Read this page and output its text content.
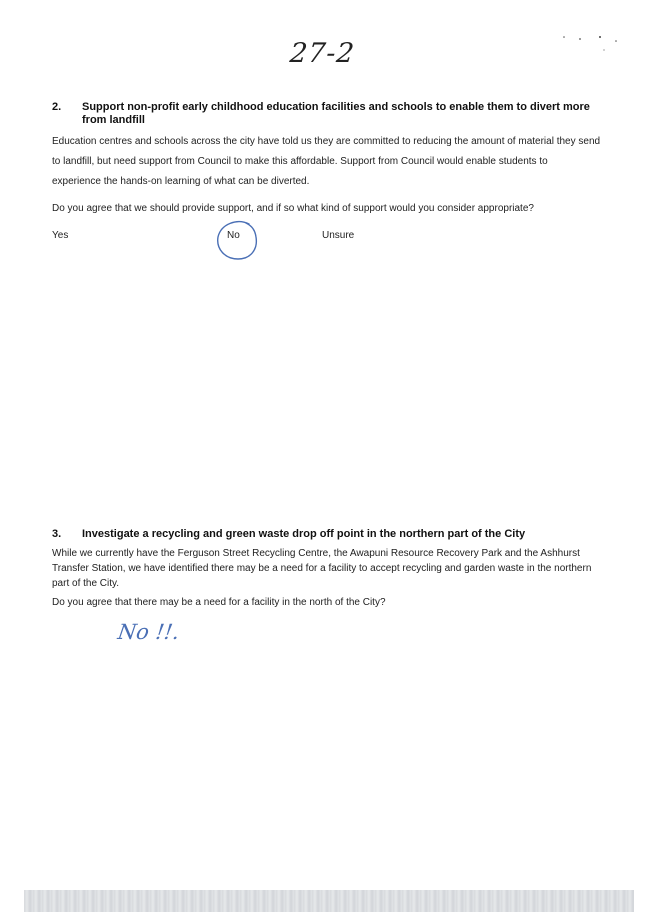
27-2
2. Support non-profit early childhood education facilities and schools to enable them to divert more
from landfill
Education centres and schools across the city have told us they are committed to reducing the amount of material they send
to landfill, but need support from Council to make this affordable. Support from Council would enable students to
experience the hands-on learning of what can be diverted.
Do you agree that we should provide support, and if so what kind of support would you consider appropriate?
Yes	No	Unsure
3. Investigate a recycling and green waste drop off point in the northern part of the City
While we currently have the Ferguson Street Recycling Centre, the Awapuni Resource Recovery Park and the Ashhurst
Transfer Station, we have identified there may be a need for a facility to accept recycling and garden waste in the northern
part of the City.
Do you agree that there may be a need for a facility in the north of the City?
No !!.
